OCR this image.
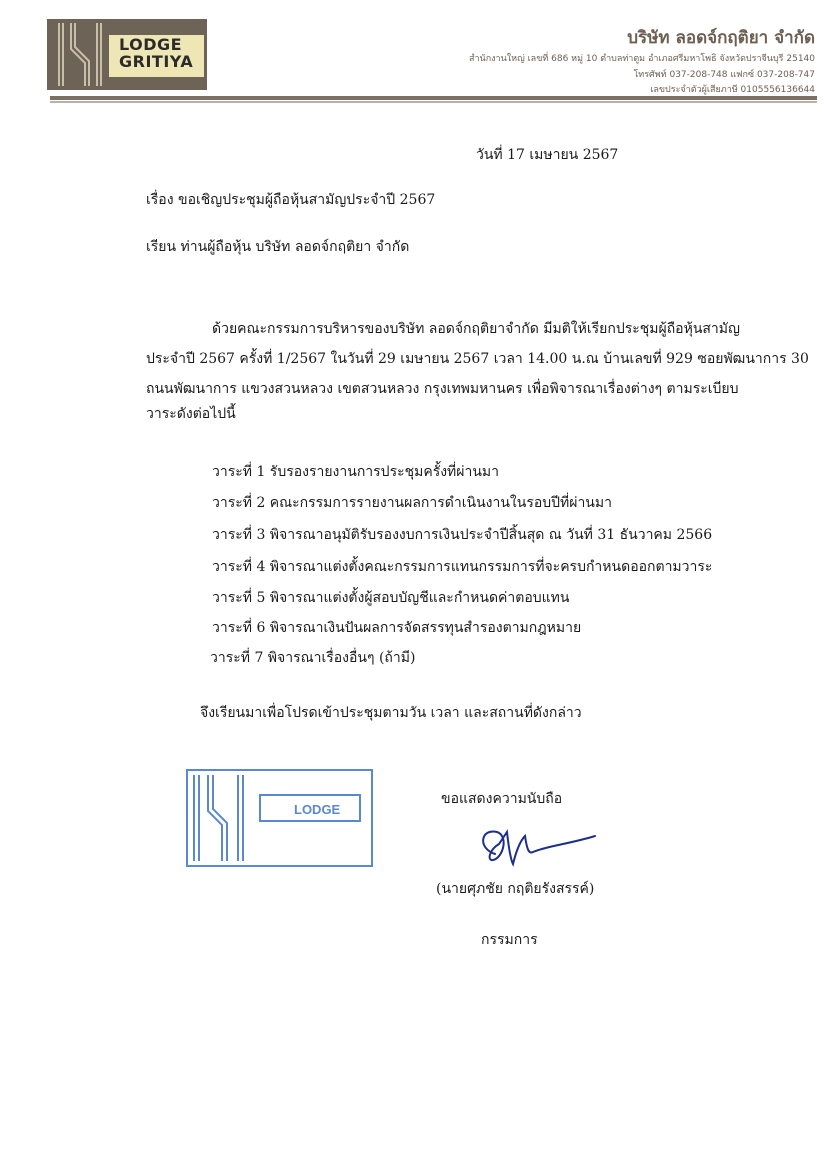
LODGE
GRITIYA
บริษัท ลอดจ์กฤติยา จำกัด
สำนักงานใหญ่ เลขที่ 686 หมู่ 10 ตำบลท่าตูม อำเภอศรีมหาโพธิ จังหวัดปราจีนบุรี 25140
โทรศัพท์ 037-208-748 แฟกซ์ 037-208-747
เลขประจำตัวผู้เสียภาษี 0105556136644
วันที่ 17 เมษายน 2567
เรื่อง ขอเชิญประชุมผู้ถือหุ้นสามัญประจำปี 2567
เรียน ท่านผู้ถือหุ้น บริษัท ลอดจ์กฤติยา จำกัด
ด้วยคณะกรรมการบริหารของบริษัท ลอดจ์กฤติยาจำกัด มีมติให้เรียกประชุมผู้ถือหุ้นสามัญ
ประจำปี 2567 ครั้งที่ 1/2567 ในวันที่ 29 เมษายน 2567 เวลา 14.00 น.ณ บ้านเลขที่ 929 ซอยพัฒนาการ 30
ถนนพัฒนาการ แขวงสวนหลวง เขตสวนหลวง กรุงเทพมหานคร เพื่อพิจารณาเรื่องต่างๆ ตามระเบียบ
วาระดังต่อไปนี้
วาระที่ 1 รับรองรายงานการประชุมครั้งที่ผ่านมา
วาระที่ 2 คณะกรรมการรายงานผลการดำเนินงานในรอบปีที่ผ่านมา
วาระที่ 3 พิจารณาอนุมัติรับรองงบการเงินประจำปีสิ้นสุด ณ วันที่ 31 ธันวาคม 2566
วาระที่ 4 พิจารณาแต่งตั้งคณะกรรมการแทนกรรมการที่จะครบกำหนดออกตามวาระ
วาระที่ 5 พิจารณาแต่งตั้งผู้สอบบัญชีและกำหนดค่าตอบแทน
วาระที่ 6 พิจารณาเงินปันผลการจัดสรรทุนสำรองตามกฎหมาย
วาระที่ 7 พิจารณาเรื่องอื่นๆ (ถ้ามี)
จึงเรียนมาเพื่อโปรดเข้าประชุมตามวัน เวลา และสถานที่ดังกล่าว
LODGE
ขอแสดงความนับถือ
(นายศุภชัย กฤติยรังสรรค์)
กรรมการ
